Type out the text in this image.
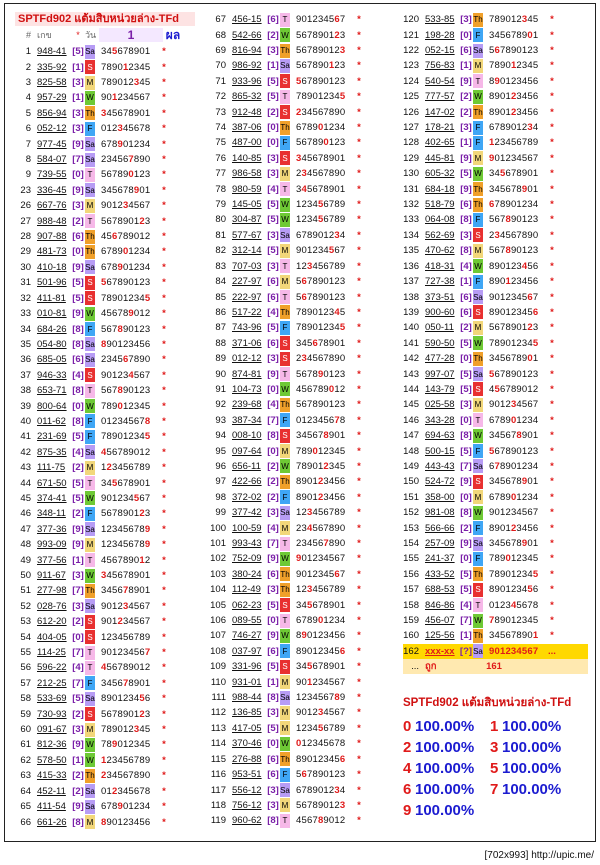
SPTFd902 แต้มสิบหน่วยล่าง-TFd
# เกข	* วัน	1	ผล
1 948-41 [5] Sa 345678901	*
2 335-92 [1] S 789012345	*
3 825-58 [3] M 789012345	*
4 957-29 [1] W 901234567	*
5 856-94 [3] Th 345678901	*
6 052-12 [3] F 012345678	*
7 977-45 [9] Sa 678901234	*
8 584-07 [7] Sa 234567890	*
9 739-55 [0] T 567890123	*
23 336-45 [9] Sa 345678901	*
26 667-76 [3] M 901234567	*
27 988-48 [2] T 567890123	*
28 907-88 [6] Th 456789012	*
29 481-73 [0] Th 678901234	*
30 410-18 [9] Sa 678901234	*
31 501-96 [5] S 567890123	*
32 411-81 [5] S 789012345	*
33 010-81 [9] W 456789012	*
34 684-26 [8] F 567890123	*
35 054-80 [8] Sa 890123456	*
36 685-05 [6] Sa 234567890	*
37 946-33 [4] S 901234567	*
38 653-71 [8] T 567890123	*
39 800-64 [0] W 789012345	*
40 011-62 [8] F 012345678	*
41 231-69 [5] F 789012345	*
42 875-35 [4] Sa 456789012	*
43 111-75 [2] M 123456789	*
44 671-50 [5] T 345678901	*
45 374-41 [5] W 901234567	*
46 348-11 [2] F 567890123	*
47 377-36 [9] Sa 123456789	*
48 993-09 [9] M 123456789	*
49 377-56 [1] T 456789012	*
50 911-67 [3] W 345678901	*
51 277-98 [7] Th 345678901	*
52 028-76 [3] Sa 901234567	*
53 612-20 [2] S 901234567	*
54 404-05 [0] S 123456789	*
55 114-25 [7] T 901234567	*
56 596-22 [4] T 456789012	*
57 212-25 [7] F 345678901	*
58 533-69 [5] Sa 890123456	*
59 730-93 [2] S 567890123	*
60 091-67 [3] M 789012345	*
61 812-36 [9] W 789012345	*
62 578-50 [1] W 123456789	*
63 415-33 [2] Th 234567890	*
64 452-11 [2] Sa 012345678	*
65 411-54 [9] Sa 678901234	*
66 661-26 [8] M 890123456	*
67 456-15 [6] T 901234567	*
68 542-66 [2] W 567890123	*
69 816-94 [3] Th 567890123	*
70 986-92 [1] Sa 567890123	*
71 933-96 [5] S 567890123	*
72 865-32 [5] T 789012345	*
73 912-48 [2] S 234567890	*
74 387-06 [0] Th 678901234	*
75 487-00 [0] F 567890123	*
76 140-85 [3] S 345678901	*
77 986-58 [3] M 234567890	*
78 980-59 [4] T 345678901	*
79 145-05 [5] W 123456789	*
80 304-87 [5] W 123456789	*
81 577-67 [3] Sa 678901234	*
82 312-14 [5] M 901234567	*
83 707-03 [3] T 123456789	*
84 227-97 [6] M 567890123	*
85 222-97 [6] T 567890123	*
86 517-22 [4] Th 789012345	*
87 743-96 [5] F 789012345	*
88 371-06 [6] S 345678901	*
89 012-12 [3] S 234567890	*
90 874-81 [9] T 567890123	*
91 104-73 [0] W 456789012	*
92 239-68 [4] Th 567890123	*
93 387-34 [7] F 012345678	*
94 008-10 [8] S 345678901	*
95 097-64 [0] M 789012345	*
96 656-11 [2] W 789012345	*
97 422-66 [2] Th 890123456	*
98 372-02 [2] F 890123456	*
99 377-42 [3] Sa 123456789	*
100 100-59 [4] M 234567890	*
101 993-43 [7] T 234567890	*
102 752-09 [9] W 901234567	*
103 380-24 [6] Th 901234567	*
104 112-49 [3] Th 123456789	*
105 062-23 [5] S 345678901	*
106 089-55 [0] T 678901234	*
107 746-27 [9] W 890123456	*
108 037-97 [6] F 890123456	*
109 331-96 [5] S 345678901	*
110 931-01 [1] M 901234567	*
111 988-44 [8] Sa 123456789	*
112 136-85 [3] M 901234567	*
113 417-05 [5] M 123456789	*
114 370-46 [0] W 012345678	*
115 276-88 [6] Th 890123456	*
116 953-51 [6] F 567890123	*
117 556-12 [3] Sa 678901234	*
118 756-12 [3] M 567890123	*
119 960-62 [8] T 456789012	*
120 533-85 [3] Th 789012345	*
121 198-28 [0] F 345678901	*
122 052-15 [6] Sa 567890123	*
123 756-83 [1] M 789012345	*
124 540-54 [9] T 890123456	*
125 777-57 [2] W 890123456	*
126 147-02 [2] Th 890123456	*
127 178-21 [3] F 678901234	*
128 402-65 [1] F 123456789	*
129 445-81 [9] M 901234567	*
130 605-32 [5] W 345678901	*
131 684-18 [9] Th 345678901	*
132 518-79 [6] Th 678901234	*
133 064-08 [8] F 567890123	*
134 562-69 [3] S 234567890	*
135 470-62 [8] M 567890123	*
136 418-31 [4] W 890123456	*
137 727-38 [1] F 890123456	*
138 373-51 [6] Sa 901234567	*
139 900-60 [6] S 890123456	*
140 050-11 [2] M 567890123	*
141 590-50 [5] W 789012345	*
142 477-28 [0] Th 345678901	*
143 997-07 [5] Sa 567890123	*
144 143-79 [5] S 456789012	*
145 025-58 [3] M 901234567	*
146 343-28 [0] T 678901234	*
147 694-63 [8] W 345678901	*
148 500-15 [5] F 567890123	*
149 443-43 [7] Sa 678901234	*
150 524-72 [9] S 345678901	*
151 358-00 [0] M 678901234	*
152 981-08 [8] W 901234567	*
153 566-66 [2] F 890123456	*
154 257-09 [9] Sa 345678901	*
155 241-37 [0] F 789012345	*
156 433-52 [5] Th 789012345	*
157 688-53 [5] S 890123456	*
158 846-86 [4] T 012345678	*
159 456-07 [7] W 789012345	*
160 125-56 [1] Th 345678901	*
162 xxx-xx [?] Sa 901234567	...
... ถูก	161
SPTFd902 แต้มสิบหน่วยล่าง-TFd
0 100.00%	1 100.00%
2 100.00%	3 100.00%
4 100.00%	5 100.00%
6 100.00%	7 100.00%
9 100.00%
[702x993] http://upic.me/
